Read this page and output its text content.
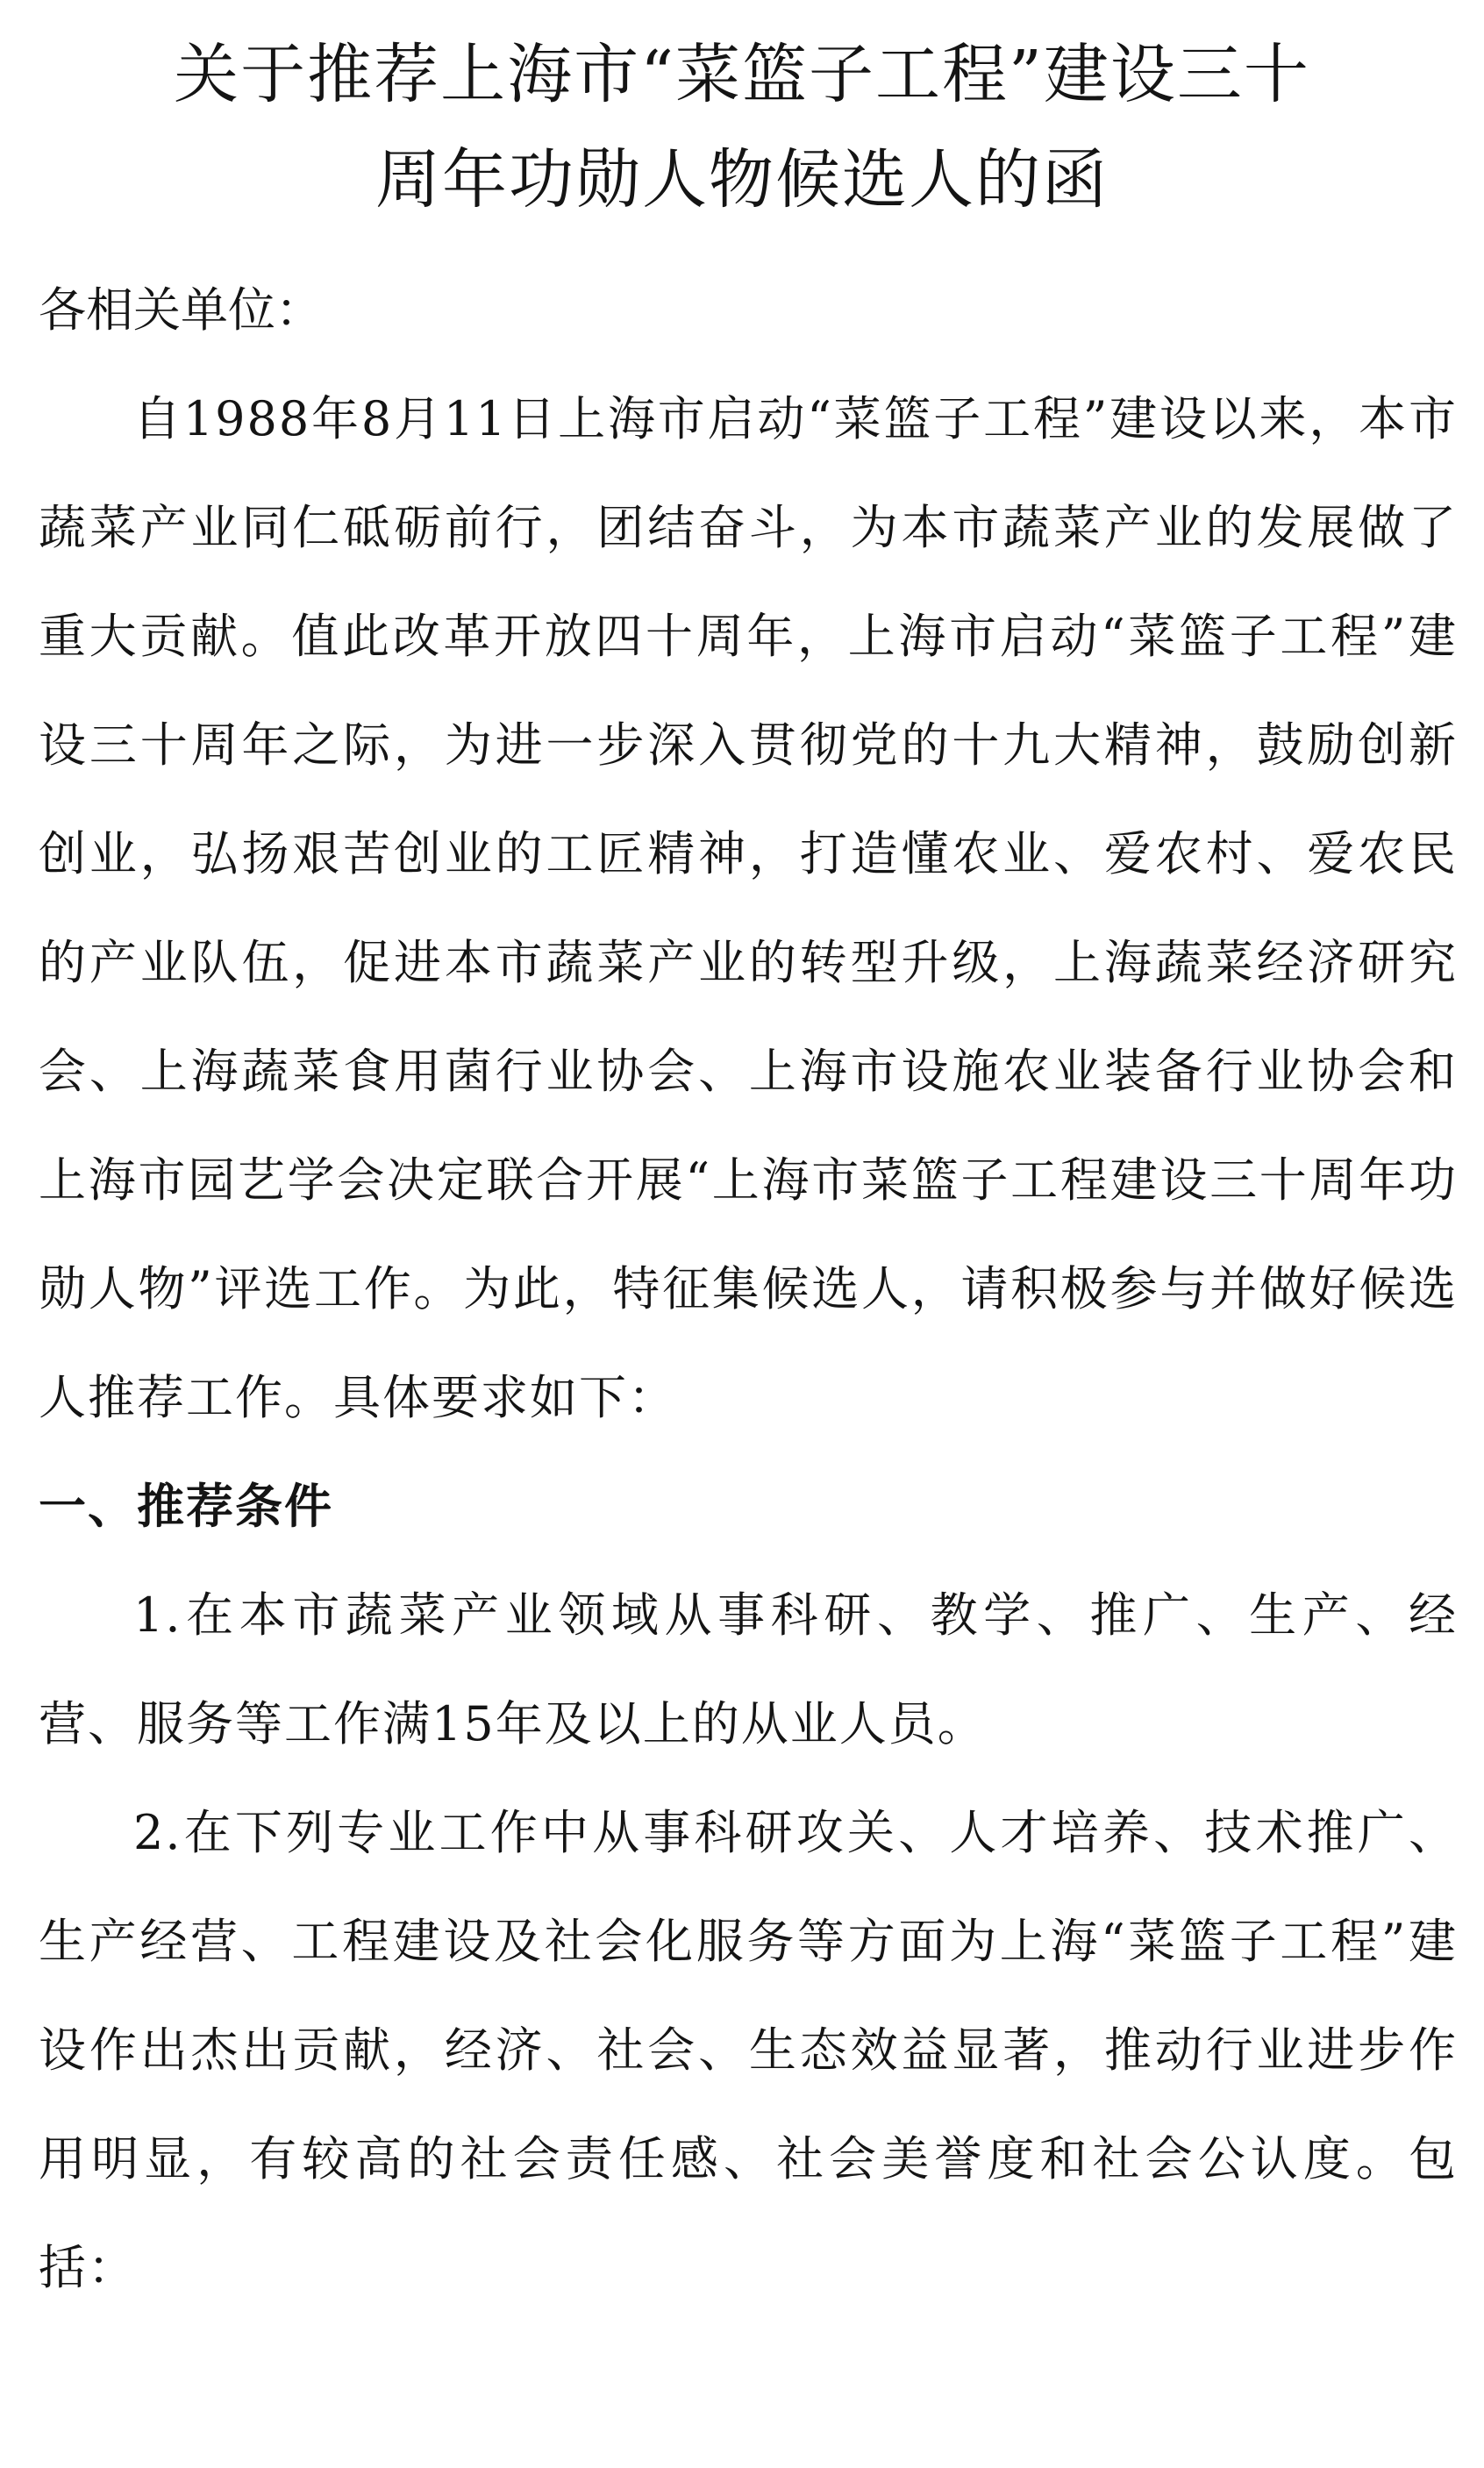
关于推荐上海市“菜篮子工程”建设三十
周年功勋人物候选人的函

各相关单位：

自1988年8月11日上海市启动“菜篮子工程”建设以来，本市蔬菜产业同仁砥砺前行，团结奋斗，为本市蔬菜产业的发展做了重大贡献。值此改革开放四十周年，上海市启动“菜篮子工程”建设三十周年之际，为进一步深入贯彻党的十九大精神，鼓励创新创业，弘扬艰苦创业的工匠精神，打造懂农业、爱农村、爱农民的产业队伍，促进本市蔬菜产业的转型升级，上海蔬菜经济研究会、上海蔬菜食用菌行业协会、上海市设施农业装备行业协会和上海市园艺学会决定联合开展“上海市菜篮子工程建设三十周年功勋人物”评选工作。为此，特征集候选人，请积极参与并做好候选人推荐工作。具体要求如下：

一、推荐条件

1.在本市蔬菜产业领域从事科研、教学、推广、生产、经营、服务等工作满15年及以上的从业人员。

2.在下列专业工作中从事科研攻关、人才培养、技术推广、生产经营、工程建设及社会化服务等方面为上海“菜篮子工程”建设作出杰出贡献，经济、社会、生态效益显著，推动行业进步作用明显，有较高的社会责任感、社会美誉度和社会公认度。包括：
